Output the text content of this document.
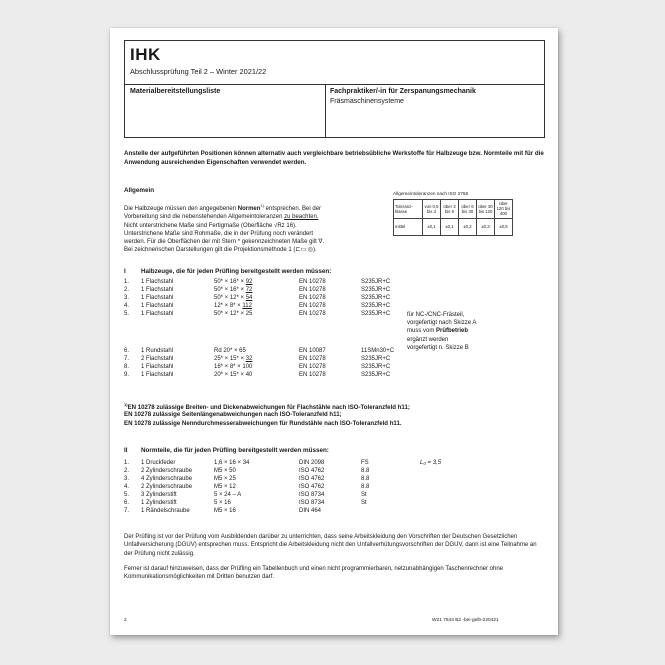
IHK
Abschlussprüfung Teil 2 – Winter 2021/22
Materialbereitstellungsliste	Fachpraktiker/-in für Zerspanungsmechanik
Fräsmaschinensysteme
Anstelle der aufgeführten Positionen können alternativ auch vergleichbare betriebsübliche Werkstoffe für Halbzeuge bzw. Normteile mit für die Anwendung ausreichenden Eigenschaften verwendet werden.
Allgemein
Die Halbzeuge müssen den angegebenen Normen$^{1)}$ entsprechen. Bei der
Vorbereitung sind die nebenstehenden Allgemeintoleranzen zu beachten.
Nicht unterstrichene Maße sind Fertigmaße (Oberfläche √Rz 16).
Unterstrichene Maße sind Rohmaße, die in der Prüfung noch verändert
werden. Für die Oberflächen der mit Stern * gekennzeichneten Maße gilt ∇.
Bei zeichnerischen Darstellungen gilt die Projektionsmethode 1 (⊏▭ ◎).
Allgemeintoleranzen nach ISO 2768
Toleranz-klasse	von 0,5 bis 3	über 3 bis 6	über 6 bis 30	über 30 bis 120	über 120 bis 400
mittel	±0,1	±0,1	±0,2	±0,3	±0,5
I Halbzeuge, die für jeden Prüfling bereitgestellt werden müssen:
1. 1 Flachstahl	50* × 16* × 92	EN 10278	S235JR+C
2. 1 Flachstahl	50* × 16* × 72	EN 10278	S235JR+C
3. 1 Flachstahl	50* × 12* × 54	EN 10278	S235JR+C
4. 1 Flachstahl	12* × 8* × 112	EN 10278	S235JR+C
5. 1 Flachstahl	50* × 12* × 25	EN 10278	S235JR+C
6. 1 Rundstahl	Rd 20* × 65	EN 10087	11SMn30+C
7. 2 Flachstahl	25* × 15* × 32	EN 10278	S235JR+C
8. 1 Flachstahl	16* × 8* × 100	EN 10278	S235JR+C
9. 1 Flachstahl	20* × 15* × 40	EN 10278	S235JR+C
für NC-/CNC-Frästeil,
vorgefertigt nach Skizze A
muss vom Prüfbetrieb
ergänzt werden
vorgefertigt n. Skizze B
$^{1)}$EN 10278 zulässige Breiten- und Dickenabweichungen für Flachstähle nach ISO-Toleranzfeld h11;
EN 10278 zulässige Seitenlängenabweichungen nach ISO-Toleranzfeld h11;
EN 10278 zulässige Nenndurchmesserabweichungen für Rundstähle nach ISO-Toleranzfeld h11.
II Normteile, die für jeden Prüfling bereitgestellt werden müssen:
1. 1 Druckfeder	1,6 × 16 × 34	DIN 2098	FS
2. 2 Zylinderschraube	M5 × 50	ISO 4762	8.8
3. 4 Zylinderschraube	M5 × 25	ISO 4762	8.8
4. 2 Zylinderschraube	M5 × 12	ISO 4762	8.8
5. 3 Zylinderstift	5 × 24 – A	ISO 8734	St
6. 1 Zylinderstift	5 × 16	ISO 8734	St
7. 1 Rändelschraube	M5 × 16	DIN 464
L₀ = 3,5
Der Prüfling ist vor der Prüfung vom Ausbildenden darüber zu unterrichten, dass seine Arbeitskleidung den Vorschriften der Deutschen Gesetzlichen Unfallversicherung (DGUV) entsprechen muss. Entspricht die Arbeitskleidung nicht den Unfallverhütungsvorschriften der DGUV, dann ist eine Teilnahme an der Prüfung nicht zulässig.
Ferner ist darauf hinzuweisen, dass der Prüfling ein Tabellenbuch und einen nicht programmierbaren, netzunabhängigen Taschenrechner ohne Kommunikationsmöglichkeiten mit Dritten benutzen darf.
2	W21 7543 B2 -bei-gelb-220421
